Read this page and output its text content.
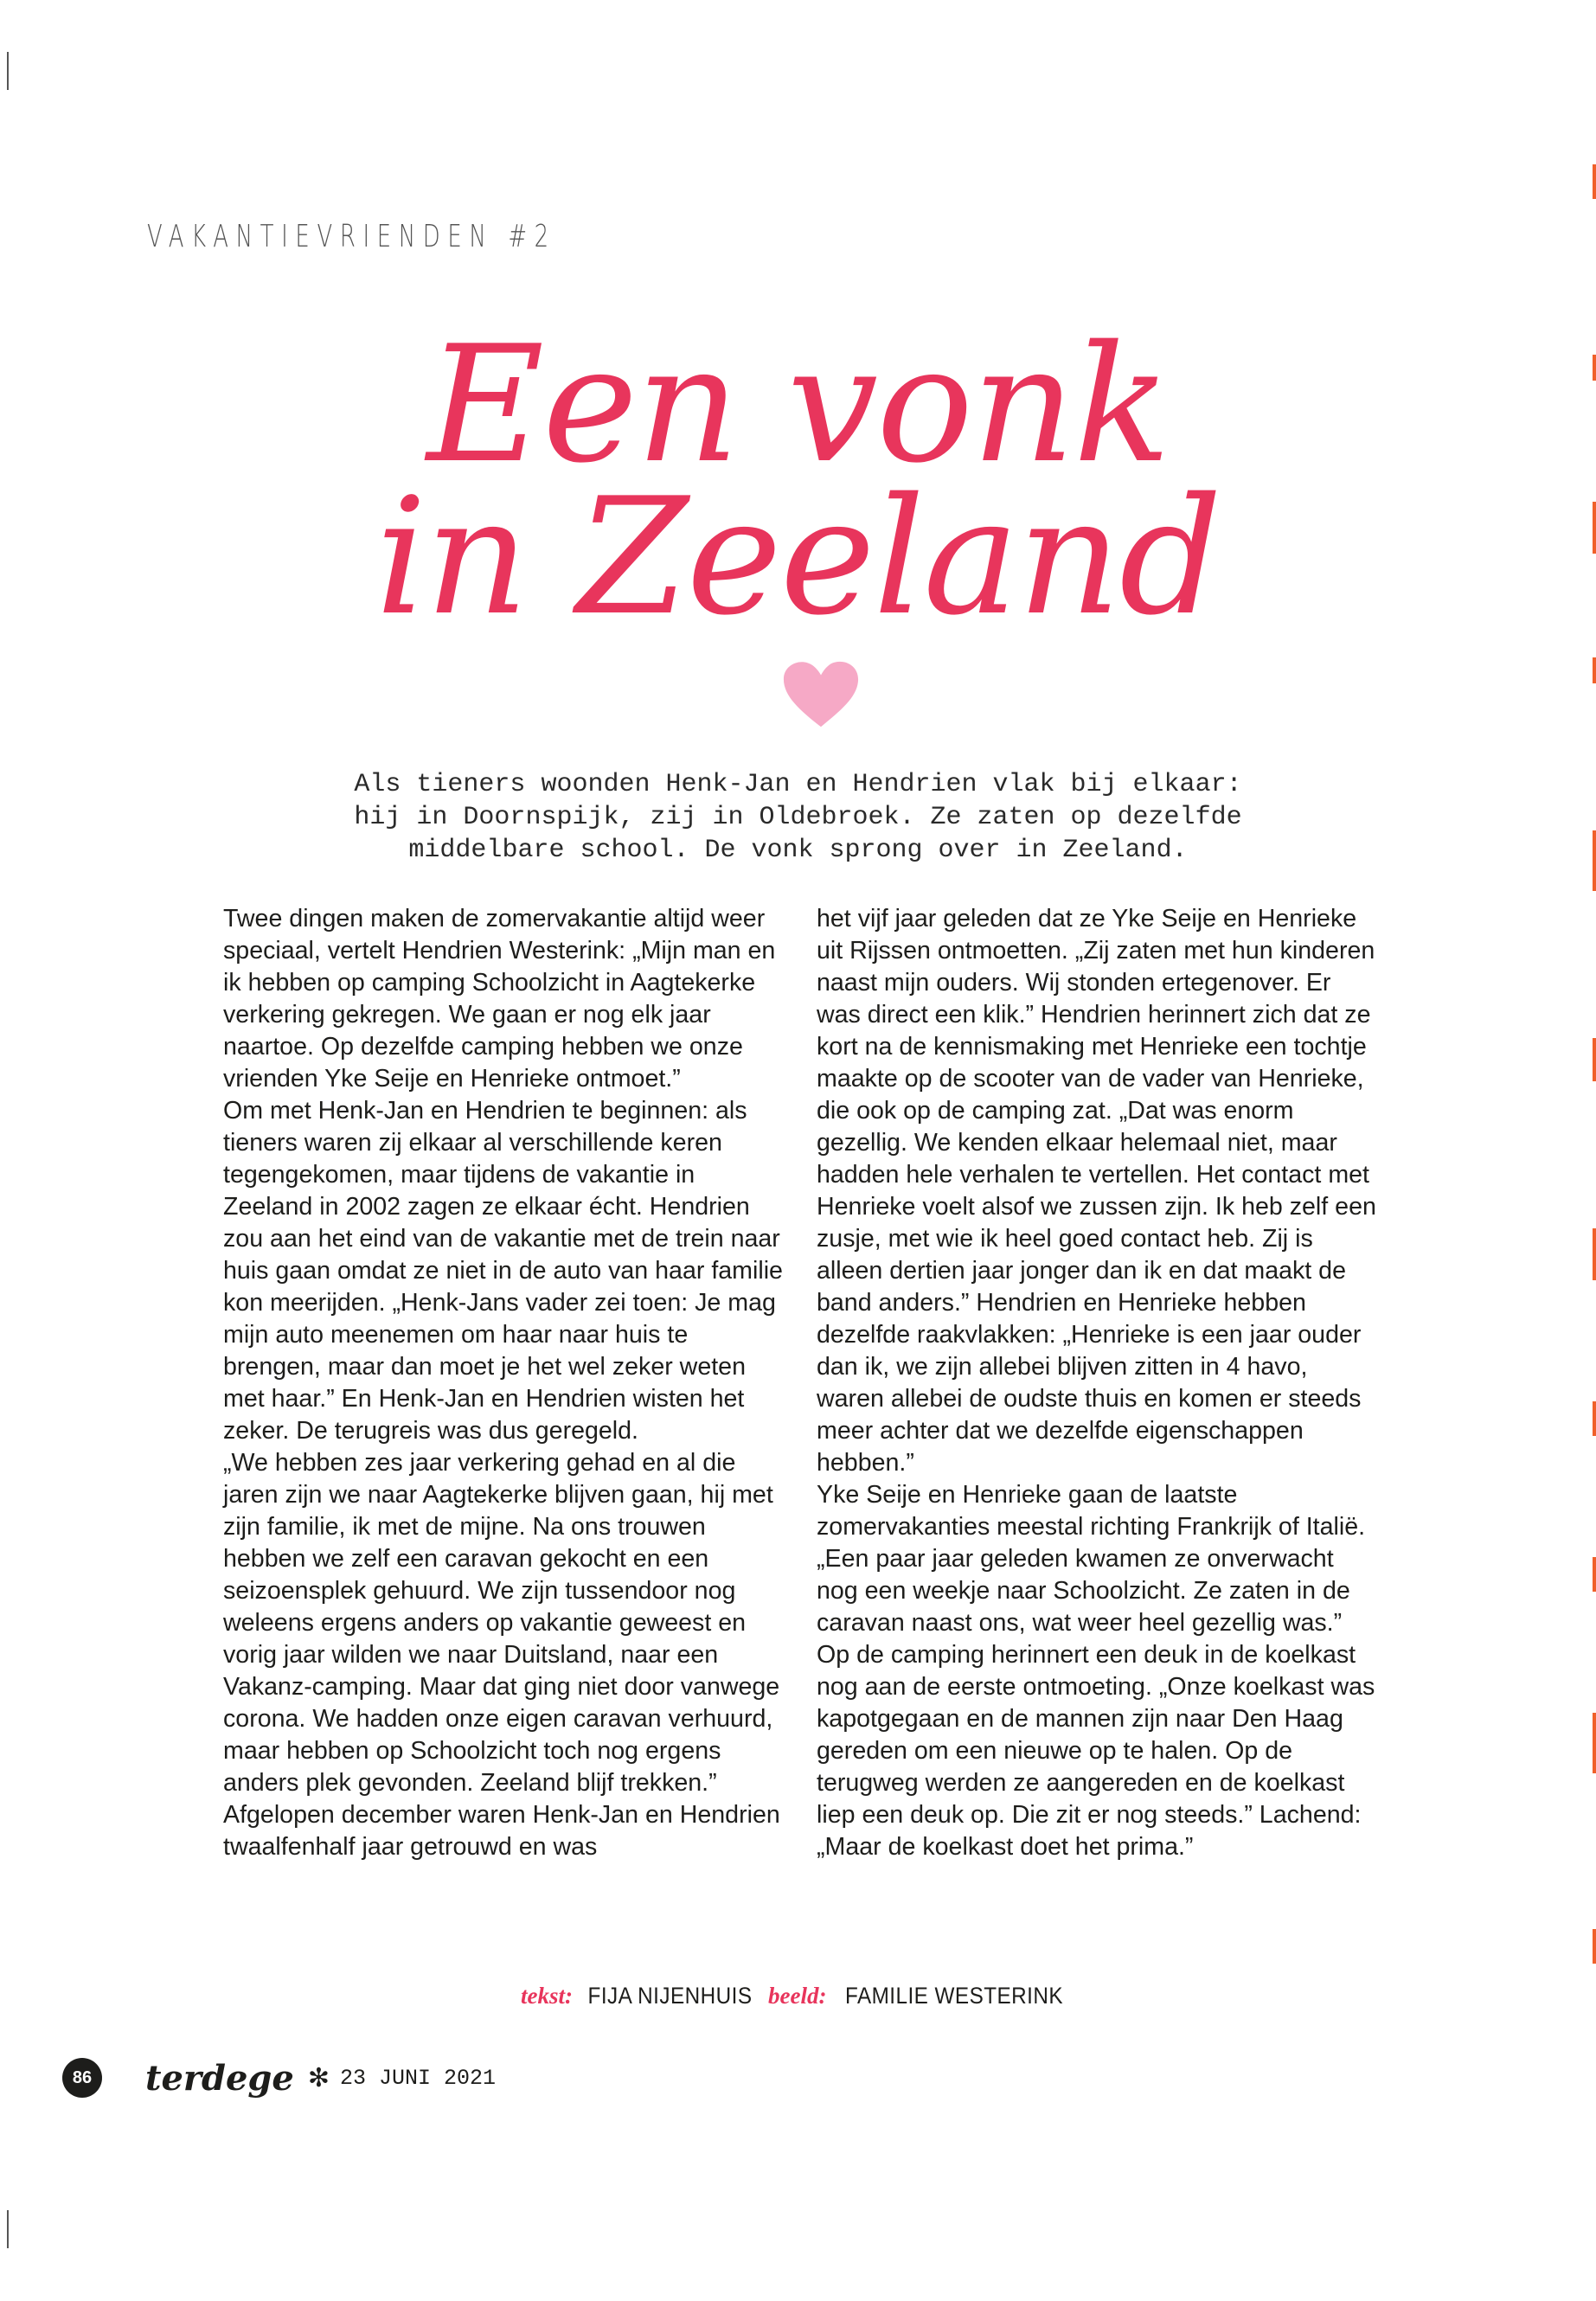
VAKANTIEVRIENDEN #2
Een vonk
in Zeeland
Als tieners woonden Henk-Jan en Hendrien vlak bij elkaar:
hij in Doornspijk, zij in Oldebroek. Ze zaten op dezelfde
middelbare school. De vonk sprong over in Zeeland.

Twee dingen maken de zomervakantie altijd weer speciaal, vertelt Hendrien Westerink: „Mijn man en ik hebben op camping Schoolzicht in Aagtekerke verkering gekregen. We gaan er nog elk jaar naartoe. Op dezelfde camping hebben we onze vrienden Yke Seije en Henrieke ontmoet.”

Om met Henk-Jan en Hendrien te beginnen: als tieners waren zij elkaar al verschillende keren tegengekomen, maar tijdens de vakantie in Zeeland in 2002 zagen ze elkaar écht. Hendrien zou aan het eind van de vakantie met de trein naar huis gaan omdat ze niet in de auto van haar familie kon meerijden. „Henk-Jans vader zei toen: Je mag mijn auto meenemen om haar naar huis te brengen, maar dan moet je het wel zeker weten met haar.” En Henk-Jan en Hendrien wisten het zeker. De terugreis was dus geregeld.

„We hebben zes jaar verkering gehad en al die jaren zijn we naar Aagtekerke blijven gaan, hij met zijn familie, ik met de mijne. Na ons trouwen hebben we zelf een caravan gekocht en een seizoensplek gehuurd. We zijn tussendoor nog weleens ergens anders op vakantie geweest en vorig jaar wilden we naar Duitsland, naar een Vakanz-camping. Maar dat ging niet door vanwege corona. We hadden onze eigen caravan verhuurd, maar hebben op Schoolzicht toch nog ergens anders plek gevonden. Zeeland blijf trekken.”

Afgelopen december waren Henk-Jan en Hendrien twaalfenhalf jaar getrouwd en was

het vijf jaar geleden dat ze Yke Seije en Henrieke uit Rijssen ontmoetten. „Zij zaten met hun kinderen naast mijn ouders. Wij stonden ertegenover. Er was direct een klik.” Hendrien herinnert zich dat ze kort na de kennismaking met Henrieke een tochtje maakte op de scooter van de vader van Henrieke, die ook op de camping zat. „Dat was enorm gezellig. We kenden elkaar helemaal niet, maar hadden hele verhalen te vertellen. Het contact met Henrieke voelt alsof we zussen zijn. Ik heb zelf een zusje, met wie ik heel goed contact heb. Zij is alleen dertien jaar jonger dan ik en dat maakt de band anders.” Hendrien en Henrieke hebben dezelfde raakvlakken: „Henrieke is een jaar ouder dan ik, we zijn allebei blijven zitten in 4 havo, waren allebei de oudste thuis en komen er steeds meer achter dat we dezelfde eigenschappen hebben.”

Yke Seije en Henrieke gaan de laatste zomervakanties meestal richting Frankrijk of Italië. „Een paar jaar geleden kwamen ze onverwacht nog een weekje naar Schoolzicht. Ze zaten in de caravan naast ons, wat weer heel gezellig was.”

Op de camping herinnert een deuk in de koelkast nog aan de eerste ontmoeting. „Onze koelkast was kapotgegaan en de mannen zijn naar Den Haag gereden om een nieuwe op te halen. Op de terugweg werden ze aangereden en de koelkast liep een deuk op. Die zit er nog steeds.” Lachend: „Maar de koelkast doet het prima.”

tekst: FIJA NIJENHUIS beeld: FAMILIE WESTERINK
86 terdege ✻ 23 JUNI 2021
